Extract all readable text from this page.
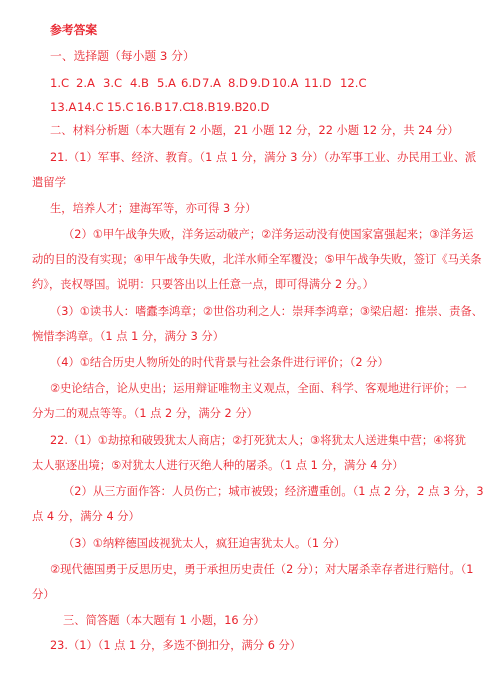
参考答案
一、选择题（每小题 3 分）
1.C 2.A 3.C 4.B 5.A 6.D 7.A 8.D 9.D 10.A 11.D 12.C
13.A 14.C 15.C 16.B 17.C
18.B 19.B 20.D
二、材料分析题（本大题有 2 小题，21 小题 12 分，22 小题 12 分，共 24 分）
21.（1）军事、经济、教育。（1 点 1 分，满分 3 分）（办军事工业、办民用工业、派
遣留学
生，培养人才；建海军等，亦可得 3 分）
（2）①甲午战争失败，洋务运动破产；②洋务运动没有使国家富强起来；③洋务运
动的目的没有实现；④甲午战争失败，北洋水师全军覆没；⑤甲午战争失败，签订《马关条
约》，丧权辱国。说明：只要答出以上任意一点，即可得满分 2 分。）
（3）①读书人：嗜蠹李鸿章；②世俗功利之人：崇拜李鸿章；③梁启超：推崇、责备、
惋惜李鸿章。（1 点 1 分，满分 3 分）
（4）①结合历史人物所处的时代背景与社会条件进行评价；（2 分）
②史论结合，论从史出；运用辩证唯物主义观点，全面、科学、客观地进行评价；一
分为二的观点等等。（1 点 2 分，满分 2 分）
22.（1）①劫掠和破毁犹太人商店；②打死犹太人；③将犹太人送进集中营；④将犹
太人驱逐出境；⑤对犹太人进行灭绝人种的屠杀。（1 点 1 分，满分 4 分）
（2）从三方面作答：人员伤亡；城市被毁；经济遭重创。（1 点 2 分，2 点 3 分，3
点 4 分，满分 4 分）
（3）①纳粹德国歧视犹太人，疯狂迫害犹太人。（1 分）
②现代德国勇于反思历史，勇于承担历史责任（2 分）；对大屠杀幸存者进行赔付。（1
分）
三、简答题（本大题有 1 小题，16 分）
23.（1）（1 点 1 分，多选不倒扣分，满分 6 分）
